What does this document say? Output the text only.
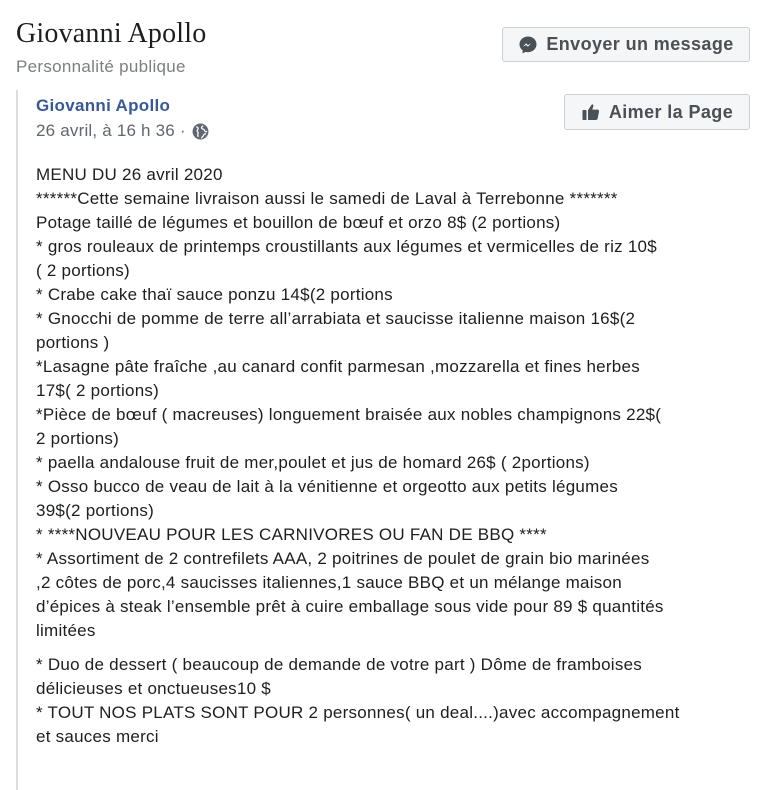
Giovanni Apollo
Personnalité publique
Envoyer un message
Giovanni Apollo
26 avril, à 16 h 36 ·
MENU DU 26 avril 2020
******Cette semaine livraison aussi le samedi de Laval à Terrebonne *******
Potage taillé de légumes et bouillon de bœuf et orzo 8$ (2 portions)
* gros rouleaux de printemps croustillants aux légumes et vermicelles de riz 10$
( 2 portions)
* Crabe cake thaï sauce ponzu 14$(2 portions
* Gnocchi de pomme de terre all’arrabiata et saucisse italienne maison 16$(2
portions )
*Lasagne pâte fraîche ,au canard confit parmesan ,mozzarella et fines herbes
17$( 2 portions)
*Pièce de bœuf ( macreuses) longuement braisée aux nobles champignons 22$(
2 portions)
* paella andalouse fruit de mer,poulet et jus de homard 26$ ( 2portions)
* Osso bucco de veau de lait à la vénitienne et orgeotto aux petits légumes
39$(2 portions)
* ****NOUVEAU POUR LES CARNIVORES OU FAN DE BBQ ****
* Assortiment de 2 contrefilets AAA, 2 poitrines de poulet de grain bio marinées
,2 côtes de porc,4 saucisses italiennes,1 sauce BBQ et un mélange maison
d’épices à steak l’ensemble prêt à cuire emballage sous vide pour 89 $ quantités
limitées
* Duo de dessert ( beaucoup de demande de votre part ) Dôme de framboises
délicieuses et onctueuses10 $
* TOUT NOS PLATS SONT POUR 2 personnes( un deal....)avec accompagnement
et sauces merci
Aimer la Page
